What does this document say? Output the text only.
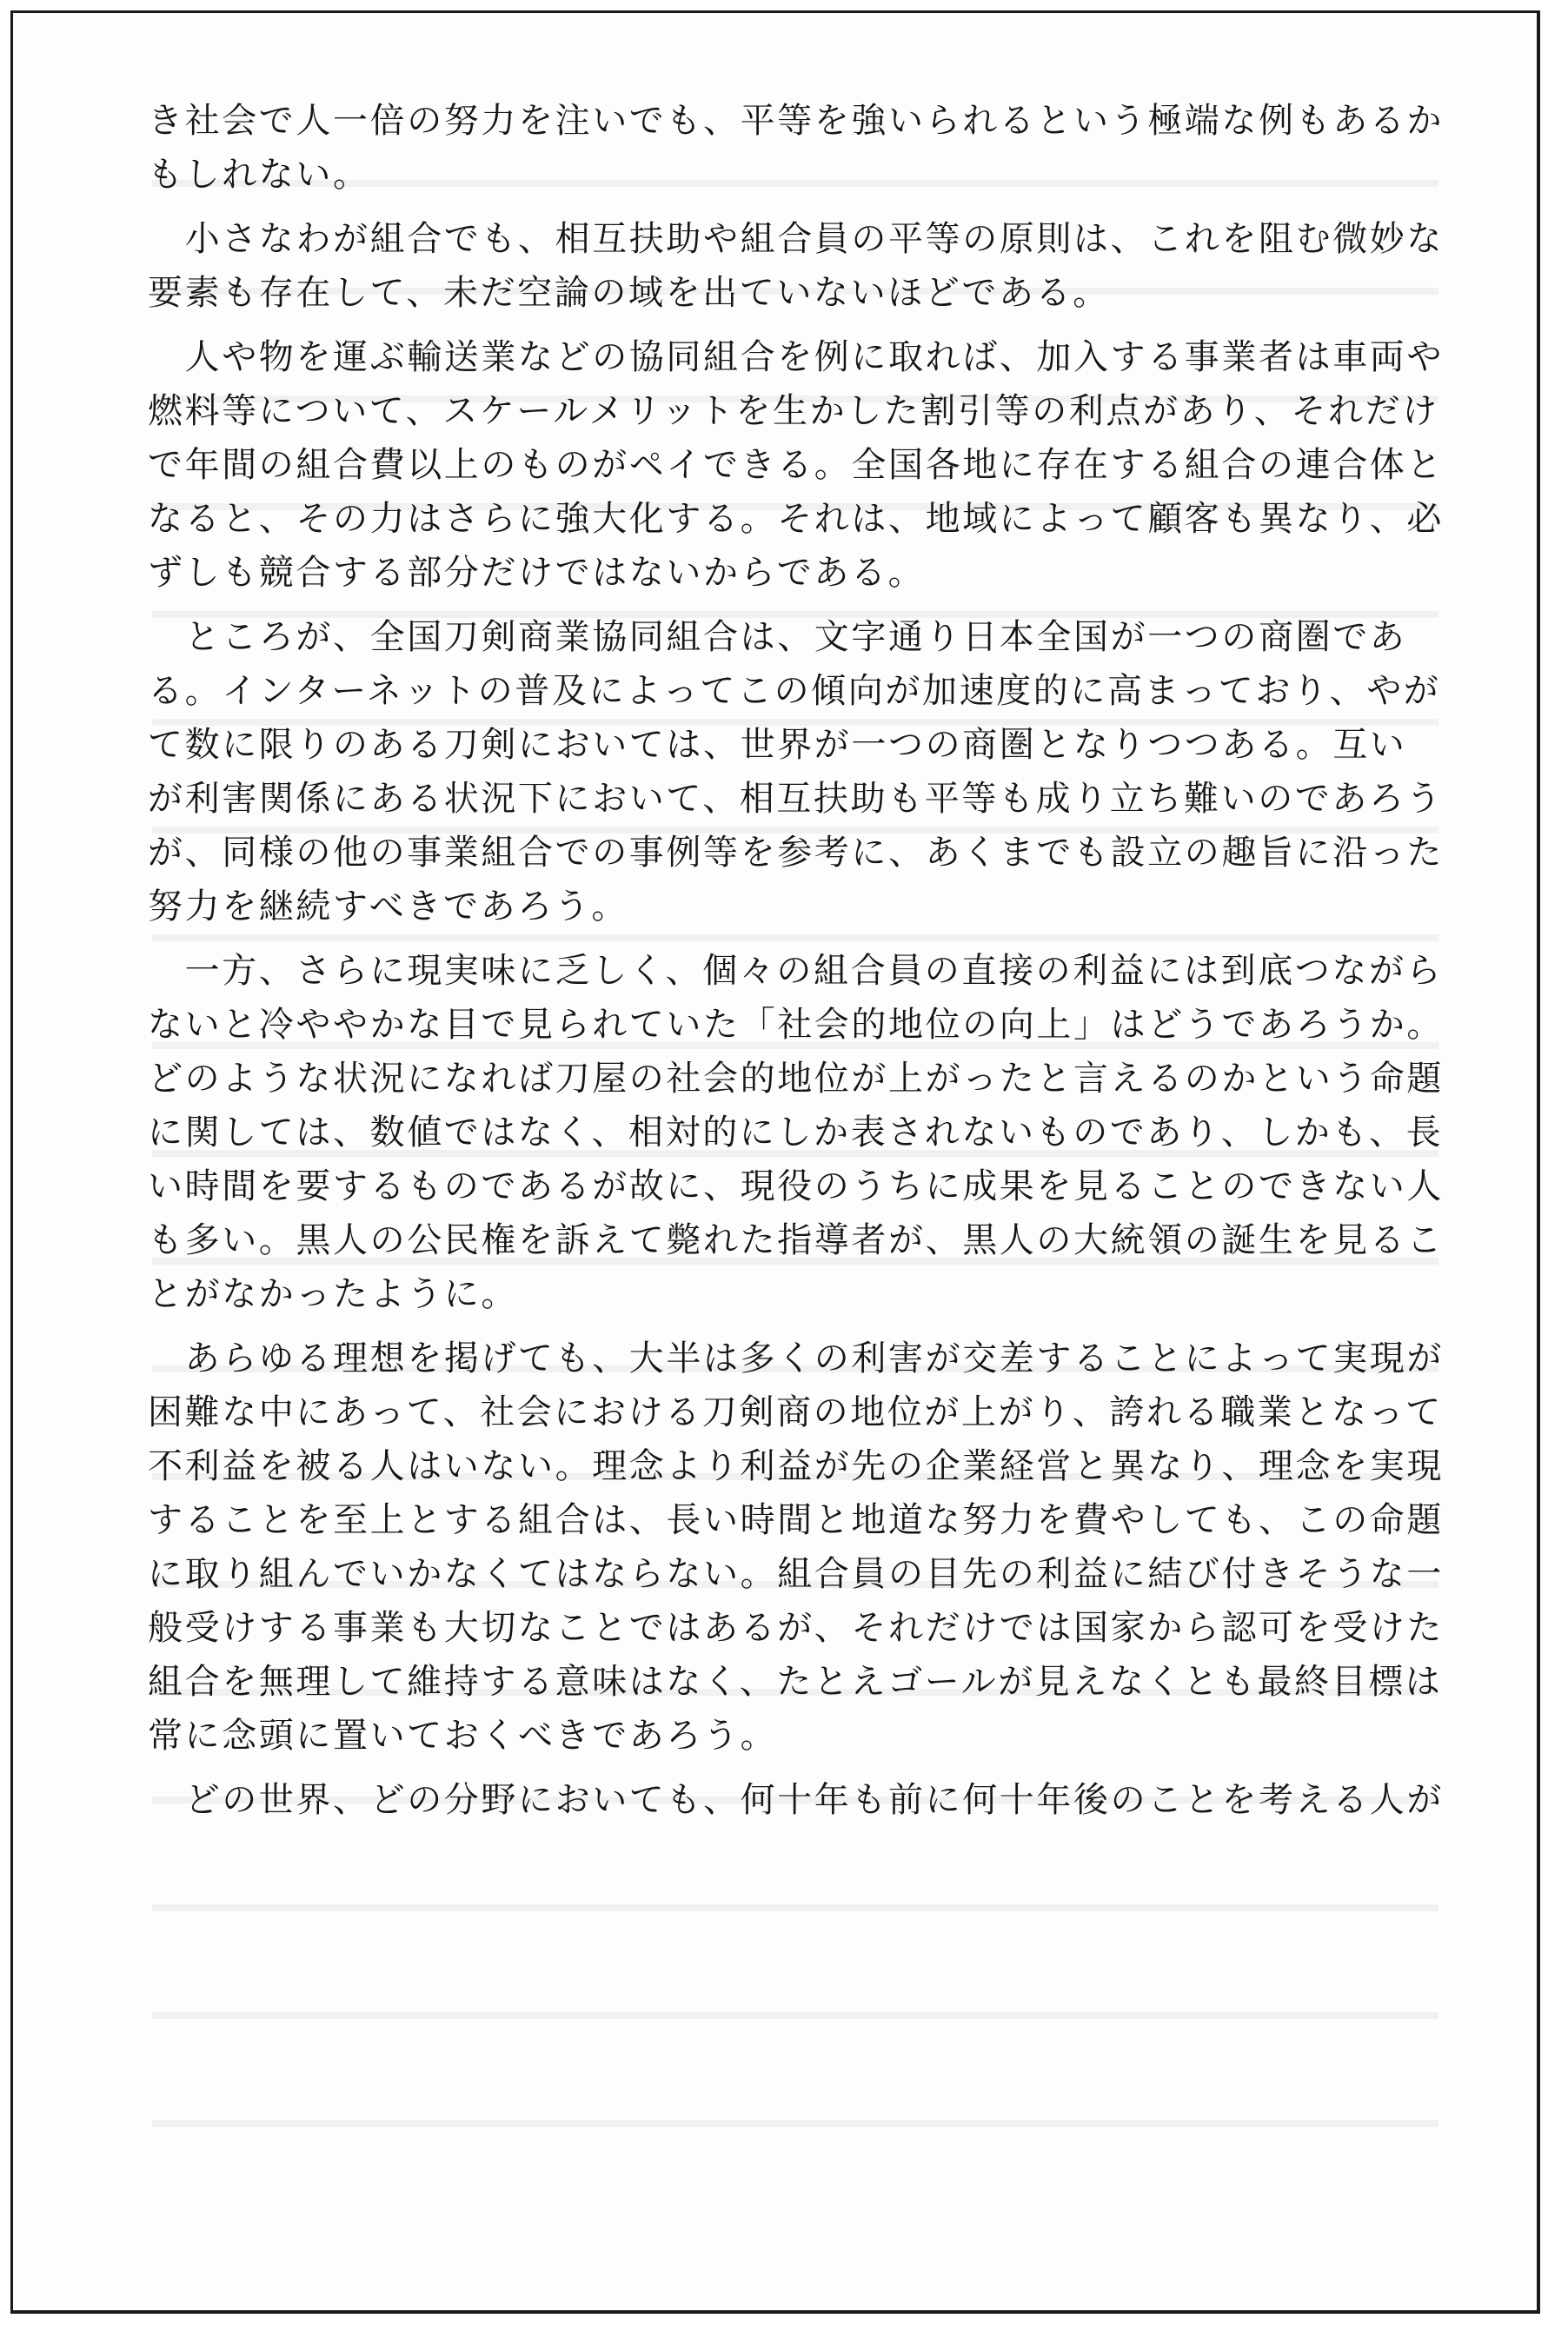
き社会で人一倍の努力を注いでも、平等を強いられるという極端な例もあるか
もしれない。
　小さなわが組合でも、相互扶助や組合員の平等の原則は、これを阻む微妙な
要素も存在して、未だ空論の域を出ていないほどである。
　人や物を運ぶ輸送業などの協同組合を例に取れば、加入する事業者は車両や
燃料等について、スケールメリットを生かした割引等の利点があり、それだけ
で年間の組合費以上のものがペイできる。全国各地に存在する組合の連合体と
なると、その力はさらに強大化する。それは、地域によって顧客も異なり、必
ずしも競合する部分だけではないからである。
　ところが、全国刀剣商業協同組合は、文字通り日本全国が一つの商圏であ
る。インターネットの普及によってこの傾向が加速度的に高まっており、やが
て数に限りのある刀剣においては、世界が一つの商圏となりつつある。互い
が利害関係にある状況下において、相互扶助も平等も成り立ち難いのであろう
が、同様の他の事業組合での事例等を参考に、あくまでも設立の趣旨に沿った
努力を継続すべきであろう。
　一方、さらに現実味に乏しく、個々の組合員の直接の利益には到底つながら
ないと冷ややかな目で見られていた「社会的地位の向上」はどうであろうか。
どのような状況になれば刀屋の社会的地位が上がったと言えるのかという命題
に関しては、数値ではなく、相対的にしか表されないものであり、しかも、長
い時間を要するものであるが故に、現役のうちに成果を見ることのできない人
も多い。黒人の公民権を訴えて斃れた指導者が、黒人の大統領の誕生を見るこ
とがなかったように。
　あらゆる理想を掲げても、大半は多くの利害が交差することによって実現が
困難な中にあって、社会における刀剣商の地位が上がり、誇れる職業となって
不利益を被る人はいない。理念より利益が先の企業経営と異なり、理念を実現
することを至上とする組合は、長い時間と地道な努力を費やしても、この命題
に取り組んでいかなくてはならない。組合員の目先の利益に結び付きそうな一
般受けする事業も大切なことではあるが、それだけでは国家から認可を受けた
組合を無理して維持する意味はなく、たとえゴールが見えなくとも最終目標は
常に念頭に置いておくべきであろう。
　どの世界、どの分野においても、何十年も前に何十年後のことを考える人が
